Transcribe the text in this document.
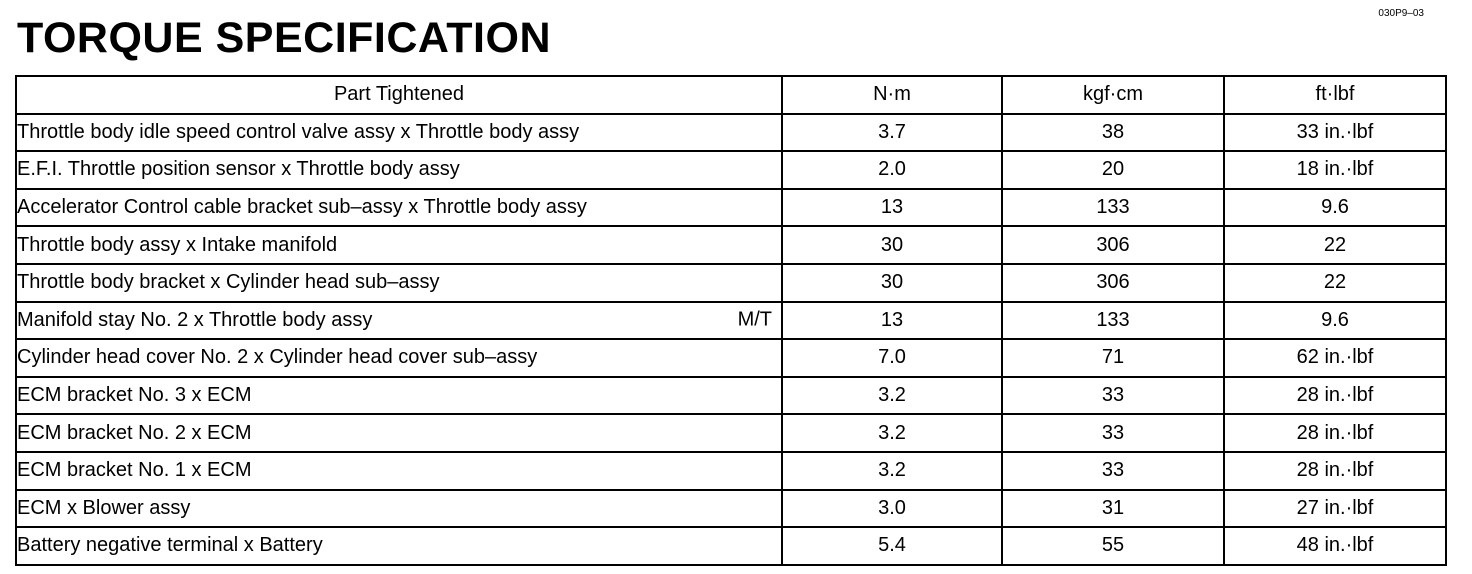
030P9–03
TORQUE SPECIFICATION
Part Tightened	N·m	kgf·cm	ft·lbf
Throttle body idle speed control valve assy x Throttle body assy	3.7	38	33 in.·lbf
E.F.I. Throttle position sensor x Throttle body assy	2.0	20	18 in.·lbf
Accelerator Control cable bracket sub–assy x Throttle body assy	13	133	9.6
Throttle body assy x Intake manifold	30	306	22
Throttle body bracket x Cylinder head sub–assy	30	306	22
Manifold stay No. 2 x Throttle body assy M/T	13	133	9.6
Cylinder head cover No. 2 x Cylinder head cover sub–assy	7.0	71	62 in.·lbf
ECM bracket No. 3 x ECM	3.2	33	28 in.·lbf
ECM bracket No. 2 x ECM	3.2	33	28 in.·lbf
ECM bracket No. 1 x ECM	3.2	33	28 in.·lbf
ECM x Blower assy	3.0	31	27 in.·lbf
Battery negative terminal x Battery	5.4	55	48 in.·lbf
